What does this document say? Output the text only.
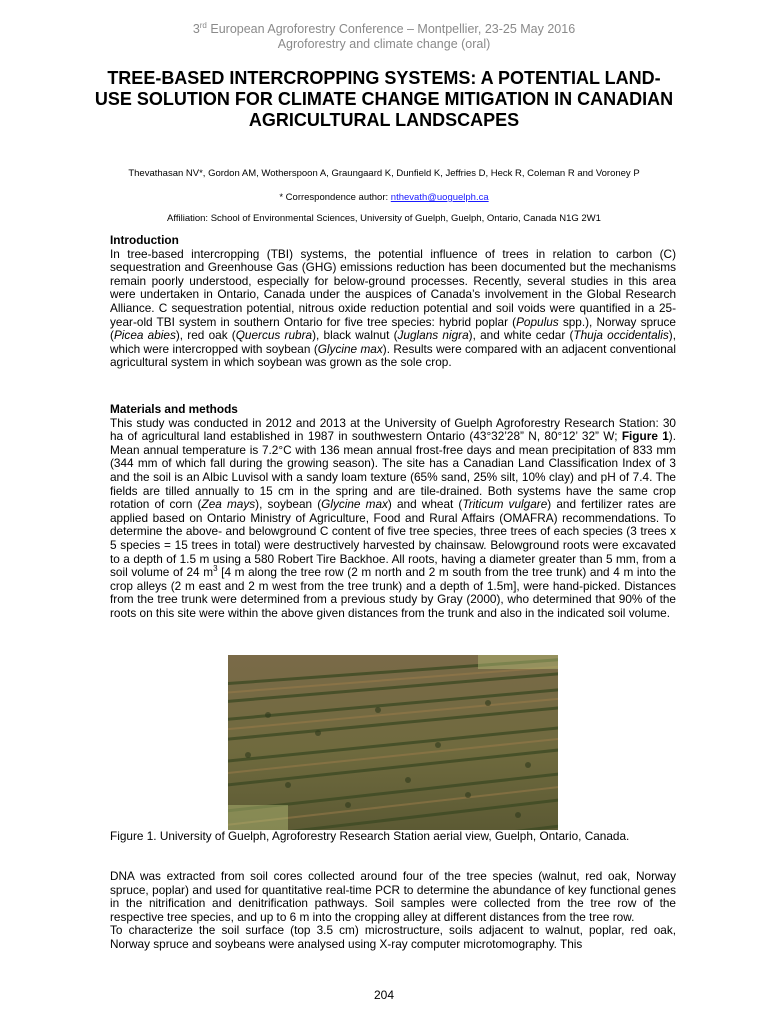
3rd European Agroforestry Conference – Montpellier, 23-25 May 2016
Agroforestry and climate change (oral)
TREE-BASED INTERCROPPING SYSTEMS: A POTENTIAL LAND-USE SOLUTION FOR CLIMATE CHANGE MITIGATION IN CANADIAN AGRICULTURAL LANDSCAPES
Thevathasan NV*, Gordon AM, Wotherspoon A, Graungaard K, Dunfield K, Jeffries D, Heck R, Coleman R and Voroney P
* Correspondence author: nthevath@uoguelph.ca
Affiliation: School of Environmental Sciences, University of Guelph, Guelph, Ontario, Canada N1G 2W1
Introduction
In tree-based intercropping (TBI) systems, the potential influence of trees in relation to carbon (C) sequestration and Greenhouse Gas (GHG) emissions reduction has been documented but the mechanisms remain poorly understood, especially for below-ground processes. Recently, several studies in this area were undertaken in Ontario, Canada under the auspices of Canada’s involvement in the Global Research Alliance. C sequestration potential, nitrous oxide reduction potential and soil voids were quantified in a 25-year-old TBI system in southern Ontario for five tree species: hybrid poplar (Populus spp.), Norway spruce (Picea abies), red oak (Quercus rubra), black walnut (Juglans nigra), and white cedar (Thuja occidentalis), which were intercropped with soybean (Glycine max). Results were compared with an adjacent conventional agricultural system in which soybean was grown as the sole crop.
Materials and methods
This study was conducted in 2012 and 2013 at the University of Guelph Agroforestry Research Station: 30 ha of agricultural land established in 1987 in southwestern Ontario (43°32’28” N, 80°12’ 32” W; Figure 1). Mean annual temperature is 7.2°C with 136 mean annual frost-free days and mean precipitation of 833 mm (344 mm of which fall during the growing season). The site has a Canadian Land Classification Index of 3 and the soil is an Albic Luvisol with a sandy loam texture (65% sand, 25% silt, 10% clay) and pH of 7.4. The fields are tilled annually to 15 cm in the spring and are tile-drained. Both systems have the same crop rotation of corn (Zea mays), soybean (Glycine max) and wheat (Triticum vulgare) and fertilizer rates are applied based on Ontario Ministry of Agriculture, Food and Rural Affairs (OMAFRA) recommendations. To determine the above- and belowground C content of five tree species, three trees of each species (3 trees x 5 species = 15 trees in total) were destructively harvested by chainsaw. Belowground roots were excavated to a depth of 1.5 m using a 580 Robert Tire Backhoe. All roots, having a diameter greater than 5 mm, from a soil volume of 24 $m^3$ [4 m along the tree row (2 m north and 2 m south from the tree trunk) and 4 m into the crop alleys (2 m east and 2 m west from the tree trunk) and a depth of 1.5m], were hand-picked. Distances from the tree trunk were determined from a previous study by Gray (2000), who determined that 90% of the roots on this site were within the above given distances from the trunk and also in the indicated soil volume.
Figure 1. University of Guelph, Agroforestry Research Station aerial view, Guelph, Ontario, Canada.
DNA was extracted from soil cores collected around four of the tree species (walnut, red oak, Norway spruce, poplar) and used for quantitative real-time PCR to determine the abundance of key functional genes in the nitrification and denitrification pathways. Soil samples were collected from the tree row of the respective tree species, and up to 6 m into the cropping alley at different distances from the tree row.
To characterize the soil surface (top 3.5 cm) microstructure, soils adjacent to walnut, poplar, red oak, Norway spruce and soybeans were analysed using X-ray computer microtomography. This
204
